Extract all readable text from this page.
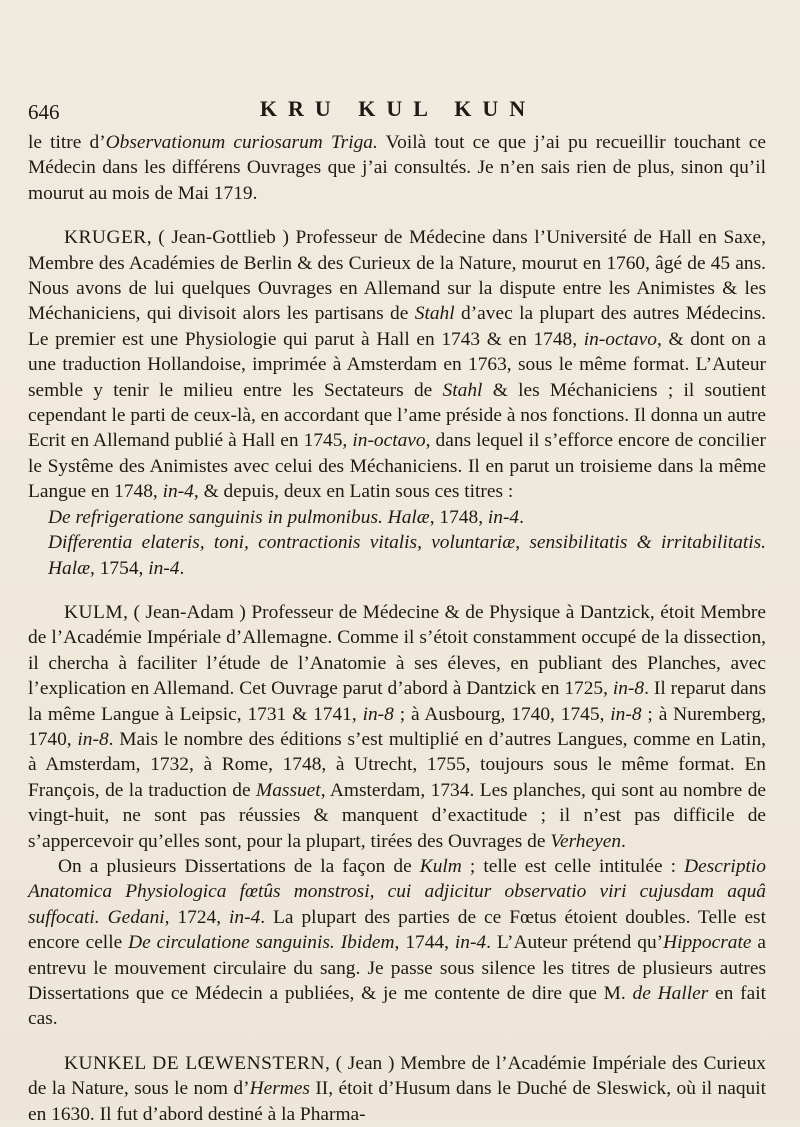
646	KRU KUL KUN

le titre d’Observationum curiosarum Triga. Voilà tout ce que j’ai pu recueillir touchant ce Médecin dans les différens Ouvrages que j’ai consultés. Je n’en sais rien de plus, sinon qu’il mourut au mois de Mai 1719.

KRUGER, ( Jean-Gottlieb ) Professeur de Médecine dans l’Université de Hall en Saxe, Membre des Académies de Berlin & des Curieux de la Nature, mourut en 1760, âgé de 45 ans. Nous avons de lui quelques Ouvrages en Allemand sur la dispute entre les Animistes & les Méchaniciens, qui divisoit alors les partisans de Stahl d’avec la plupart des autres Médecins. Le premier est une Physiologie qui parut à Hall en 1743 & en 1748, in-octavo, & dont on a une traduction Hollandoise, imprimée à Amsterdam en 1763, sous le même format. L’Auteur semble y tenir le milieu entre les Sectateurs de Stahl & les Méchaniciens ; il soutient cependant le parti de ceux-là, en accordant que l’ame préside à nos fonctions. Il donna un autre Ecrit en Allemand publié à Hall en 1745, in-octavo, dans lequel il s’efforce encore de concilier le Systême des Animistes avec celui des Méchaniciens. Il en parut un troisieme dans la même Langue en 1748, in-4, & depuis, deux en Latin sous ces titres :

De refrigeratione sanguinis in pulmonibus. Halæ, 1748, in-4.

Differentia elateris, toni, contractionis vitalis, voluntariæ, sensibilitatis & irritabilitatis. Halæ, 1754, in-4.

KULM, ( Jean-Adam ) Professeur de Médecine & de Physique à Dantzick, étoit Membre de l’Académie Impériale d’Allemagne. Comme il s’étoit constamment occupé de la dissection, il chercha à faciliter l’étude de l’Anatomie à ses éleves, en publiant des Planches, avec l’explication en Allemand. Cet Ouvrage parut d’abord à Dantzick en 1725, in-8. Il reparut dans la même Langue à Leipsic, 1731 & 1741, in-8 ; à Ausbourg, 1740, 1745, in-8 ; à Nuremberg, 1740, in-8. Mais le nombre des éditions s’est multiplié en d’autres Langues, comme en Latin, à Amsterdam, 1732, à Rome, 1748, à Utrecht, 1755, toujours sous le même format. En François, de la traduction de Massuet, Amsterdam, 1734. Les planches, qui sont au nombre de vingt-huit, ne sont pas réussies & manquent d’exactitude ; il n’est pas difficile de s’appercevoir qu’elles sont, pour la plupart, tirées des Ouvrages de Verheyen.

On a plusieurs Dissertations de la façon de Kulm ; telle est celle intitulée : Descriptio Anatomica Physiologica fœtûs monstrosi, cui adjicitur observatio viri cujusdam aquâ suffocati. Gedani, 1724, in-4. La plupart des parties de ce Fœtus étoient doubles. Telle est encore celle De circulatione sanguinis. Ibidem, 1744, in-4. L’Auteur prétend qu’Hippocrate a entrevu le mouvement circulaire du sang. Je passe sous silence les titres de plusieurs autres Dissertations que ce Médecin a publiées, & je me contente de dire que M. de Haller en fait cas.

KUNKEL DE LŒWENSTERN, ( Jean ) Membre de l’Académie Impériale des Curieux de la Nature, sous le nom d’Hermes II, étoit d’Husum dans le Duché de Sleswick, où il naquit en 1630. Il fut d’abord destiné à la Pharma-
